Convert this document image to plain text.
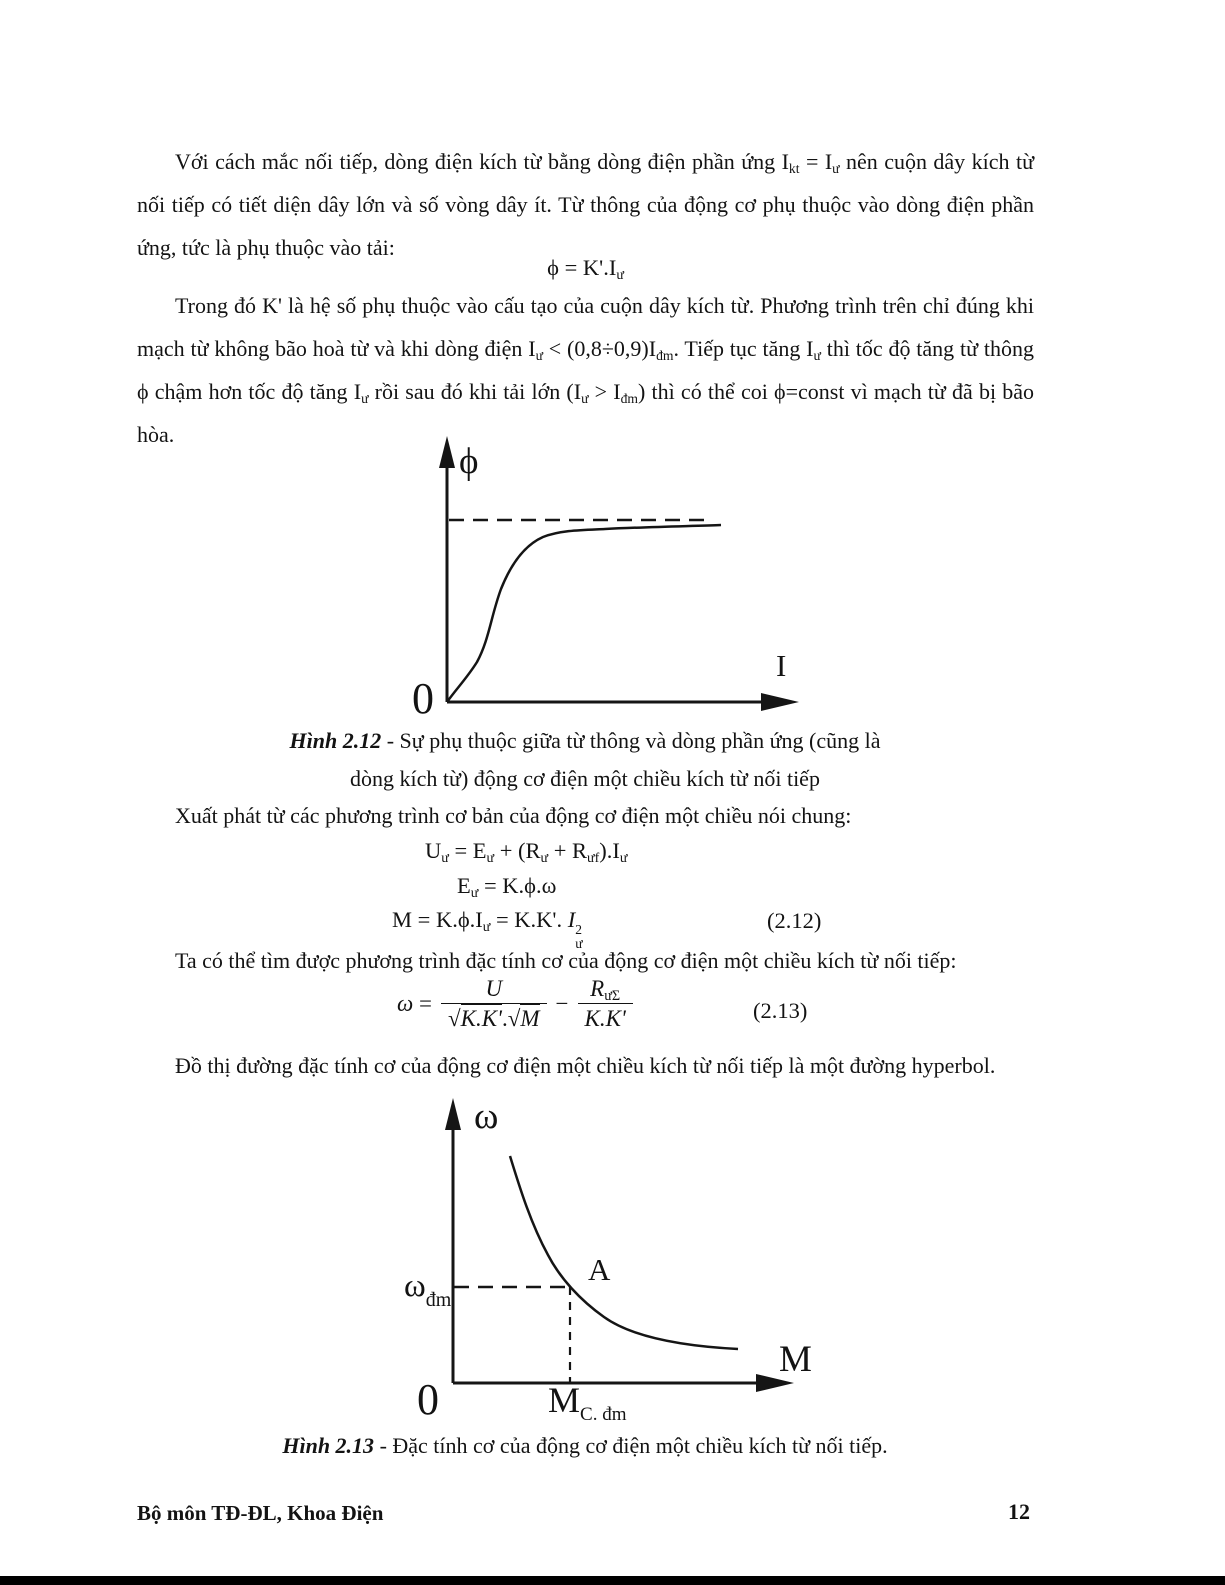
Với cách mắc nối tiếp, dòng điện kích từ bằng dòng điện phần ứng $I_{kt} = I_ư$ nên cuộn dây kích từ nối tiếp có tiết diện dây lớn và số vòng dây ít. Từ thông của động cơ phụ thuộc vào dòng điện phần ứng, tức là phụ thuộc vào tải:

$\phi = K'.I_ư$

Trong đó K' là hệ số phụ thuộc vào cấu tạo của cuộn dây kích từ. Phương trình trên chỉ đúng khi mạch từ không bão hoà từ và khi dòng điện $I_ư < (0,8\div 0,9)I_{đm}$. Tiếp tục tăng $I_ư$ thì tốc độ tăng từ thông ϕ chậm hơn tốc độ tăng $I_ư$ rồi sau đó khi tải lớn $(I_ư > I_{đm})$ thì có thể coi ϕ=const vì mạch từ đã bị bão hòa.

ϕ
I
0
Hình 2.12 - Sự phụ thuộc giữa từ thông và dòng phần ứng (cũng là
dòng kích từ) động cơ điện một chiều kích từ nối tiếp

Xuất phát từ các phương trình cơ bản của động cơ điện một chiều nói chung:

$U_ư = E_ư + (R_ư + R_{ưf}).I_ư$
$E_ư = K.\phi.\omega$
$M = K.\phi.I_ư = K.K'$. I 2
ư
(2.12)

Ta có thể tìm được phương trình đặc tính cơ của động cơ điện một chiều kích từ nối tiếp:

$\omega = \frac{U}{√K.K'.√M} - \frac{R_{ư\Sigma}}{K.K'}$	(2.13)

Đồ thị đường đặc tính cơ của động cơ điện một chiều kích từ nối tiếp là một đường hyperbol.

A
ω
M
0
$\omega_{đm}$
$M_{C. đm}$
Hình 2.13 - Đặc tính cơ của động cơ điện một chiều kích từ nối tiếp.
Bộ môn TĐ-ĐL, Khoa Điện	12
